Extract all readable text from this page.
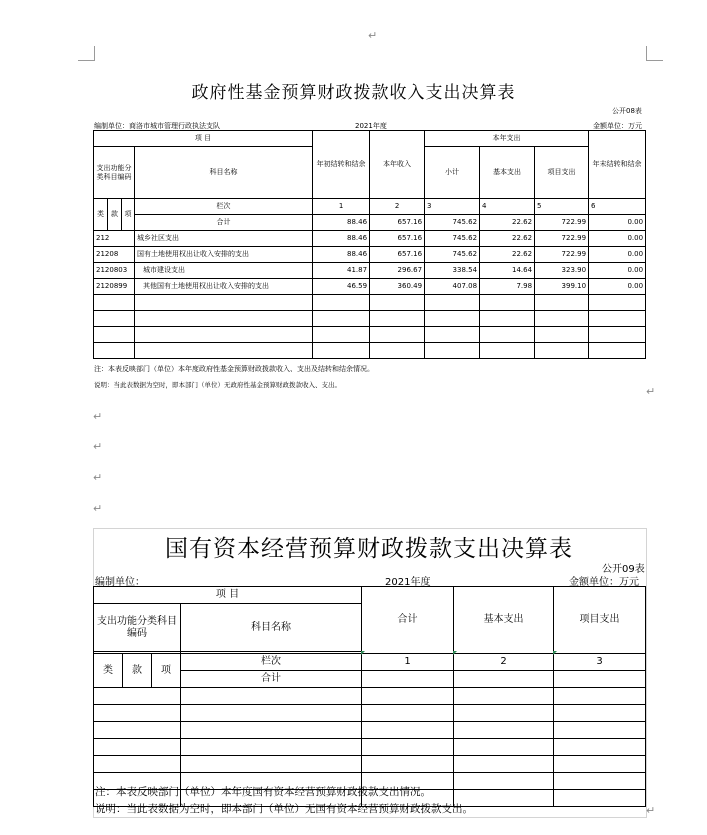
↵
政府性基金预算财政拨款收入支出决算表
公开08表
编制单位：商洛市城市管理行政执法支队	2021年度	金额单位：万元
项 目				年初结转和结余	本年收入	本年支出			年末结转和结余
支出功能分类科目编码			科目名称			小计	基本支出	项目支出	

类	款	项	栏次	1	2	3	4	5	6
			合计	88.46	657.16	745.62	22.62	722.99	0.00
212			城乡社区支出	88.46	657.16	745.62	22.62	722.99	0.00
21208			国有土地使用权出让收入安排的支出	88.46	657.16	745.62	22.62	722.99	0.00
2120803			城市建设支出	41.87	296.67	338.54	14.64	323.90	0.00
2120899			其他国有土地使用权出让收入安排的支出	46.59	360.49	407.08	7.98	399.10	0.00

注：本表反映部门（单位）本年度政府性基金预算财政拨款收入、支出及结转和结余情况。
说明：当此表数据为空时，即本部门（单位）无政府性基金预算财政拨款收入、支出。	↵
↵
↵
↵
↵
国有资本经营预算财政拨款支出决算表
公开09表
编制单位：	2021年度	金额单位：万元
项 目				合计	基本支出	项目支出
支出功能分类科目编码			科目名称			

类	款	项	栏次	1	2	3
			合计			

注：本表反映部门（单位）本年度国有资本经营预算财政拨款支出情况。
说明：当此表数据为空时，即本部门（单位）无国有资本经营预算财政拨款支出。	↵
